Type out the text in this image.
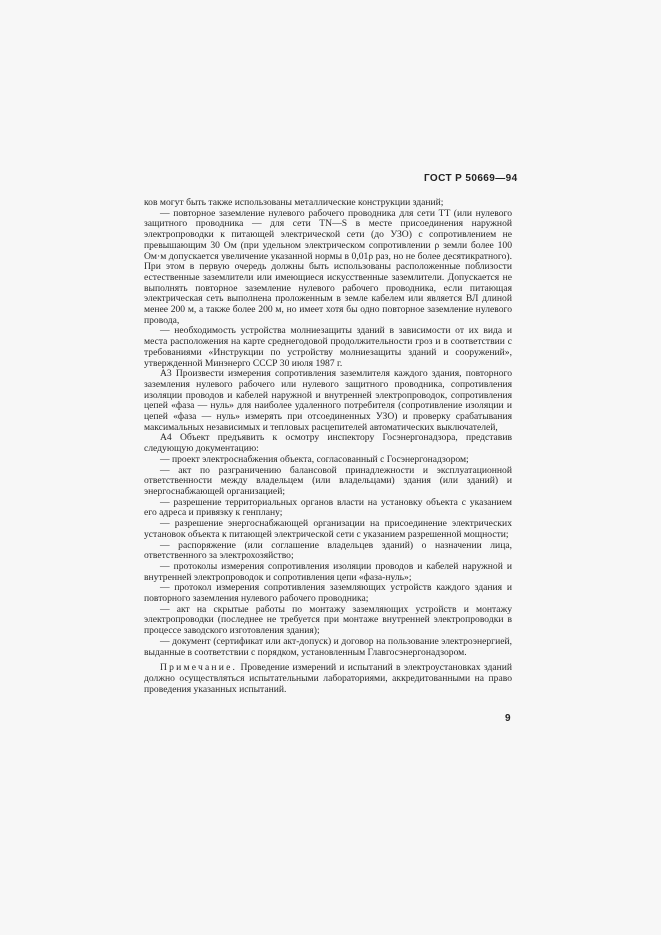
ГОСТ Р 50669—94

ков могут быть также использованы металлические конструкции зданий;

— повторное заземление нулевого рабочего проводника для сети TT (или нулевого защитного проводника — для сети TN—S в месте присоединения наружной электропроводки к питающей электрической сети (до УЗО) с сопротивлением не превышающим 30 Ом (при удельном электрическом сопротивлении ρ земли более 100 Ом·м допускается увеличение указанной нормы в 0,01ρ раз, но не более десятикратного). При этом в первую очередь должны быть использованы расположенные поблизости естественные заземлители или имеющиеся искусственные заземлители. Допускается не выполнять повторное заземление нулевого рабочего проводника, если питающая электрическая сеть выполнена проложенным в земле кабелем или является ВЛ длиной менее 200 м, а также более 200 м, но имеет хотя бы одно повторное заземление нулевого провода,

— необходимость устройства молниезащиты зданий в зависимости от их вида и места расположения на карте среднегодовой продолжительности гроз и в соответствии с требованиями «Инструкции по устройству молниезащиты зданий и сооружений», утвержденной Минэнерго СССР 30 июля 1987 г.

А3 Произвести измерения сопротивления заземлителя каждого здания, повторного заземления нулевого рабочего или нулевого защитного проводника, сопротивления изоляции проводов и кабелей наружной и внутренней электропроводок, сопротивления цепей «фаза — нуль» для наиболее удаленного потребителя (сопротивление изоляции и цепей «фаза — нуль» измерять при отсоединенных УЗО) и проверку срабатывания максимальных независимых и тепловых расцепителей автоматических выключателей,

А4 Объект предъявить к осмотру инспектору Госэнергонадзора, представив следующую документацию:

— проект электроснабжения объекта, согласованный с Госэнергонадзором;

— акт по разграничению балансовой принадлежности и эксплуатационной ответственности между владельцем (или владельцами) здания (или зданий) и энергоснабжающей организацией;

— разрешение территориальных органов власти на установку объекта с указанием его адреса и привязку к генплану;

— разрешение энергоснабжающей организации на присоединение электрических установок объекта к питающей электрической сети с указанием разрешенной мощности;

— распоряжение (или соглашение владельцев зданий) о назначении лица, ответственного за электрохозяйство;

— протоколы измерения сопротивления изоляции проводов и кабелей наружной и внутренней электропроводок и сопротивления цепи «фаза-нуль»;

— протокол измерения сопротивления заземляющих устройств каждого здания и повторного заземления нулевого рабочего проводника;

— акт на скрытые работы по монтажу заземляющих устройств и монтажу электропроводки (последнее не требуется при монтаже внутренней электропроводки в процессе заводского изготовления здания);

— документ (сертификат или акт-допуск) и договор на пользование электроэнергией, выданные в соответствии с порядком, установленным Главгосэнергонадзором.

Примечание. Проведение измерений и испытаний в электроустановках зданий должно осуществляться испытательными лабораториями, аккредитованными на право проведения указанных испытаний.

9
